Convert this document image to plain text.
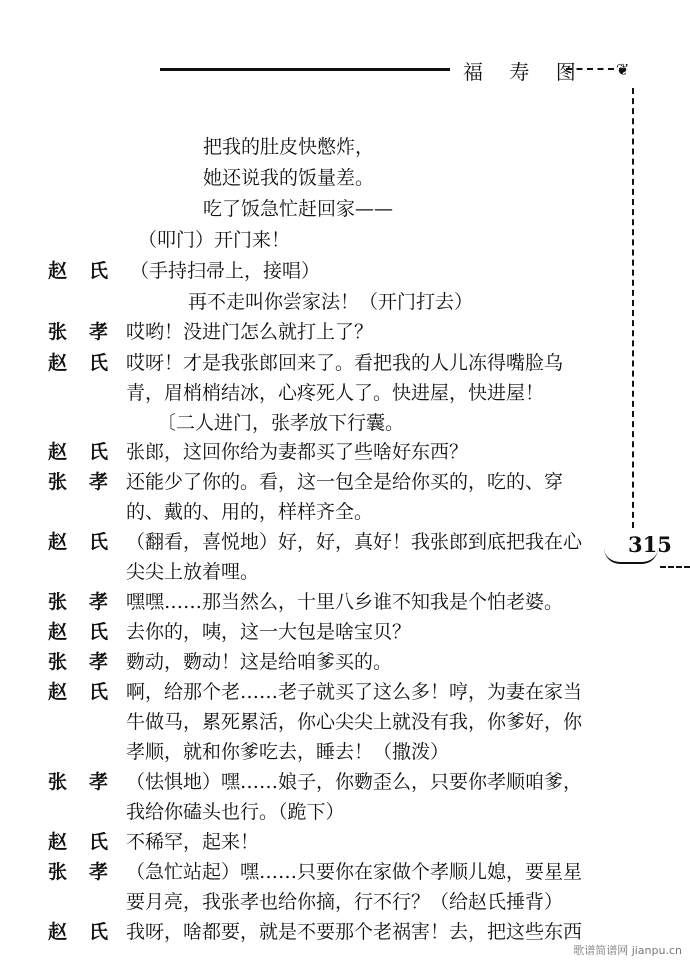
福 寿 图 ❦
315
把我的肚皮快憋炸，
她还说我的饭量差。
吃了饭急忙赶回家——
（叩门）开门来！
赵氏 （手持扫帚上，接唱）
再不走叫你尝家法！（开门打去）
张孝
哎哟！没进门怎么就打上了？
赵氏
哎呀！才是我张郎回来了。看把我的人儿冻得嘴脸乌
青，眉梢梢结冰，心疼死人了。快进屋，快进屋！
〔二人进门，张孝放下行囊。
赵氏
张郎，这回你给为妻都买了些啥好东西？
张孝
还能少了你的。看，这一包全是给你买的，吃的、穿
的、戴的、用的，样样齐全。
赵氏
（翻看，喜悦地）好，好，真好！我张郎到底把我在心
尖尖上放着哩。
张孝
嘿嘿……那当然么，十里八乡谁不知我是个怕老婆。
赵氏
去你的，咦，这一大包是啥宝贝？
张孝
覅动，覅动！这是给咱爹买的。
赵氏
啊，给那个老……老子就买了这么多！哼，为妻在家当
牛做马，累死累活，你心尖尖上就没有我，你爹好，你
孝顺，就和你爹吃去，睡去！（撒泼）
张孝
（怯惧地）嘿……娘子，你覅歪么，只要你孝顺咱爹，
我给你磕头也行。（跪下）
赵氏
不稀罕，起来！
张孝
（急忙站起）嘿……只要你在家做个孝顺儿媳，要星星
要月亮，我张孝也给你摘，行不行？（给赵氏捶背）
赵氏
我呀，啥都要，就是不要那个老祸害！去，把这些东西
歌谱简谱网 jianpu.cn
